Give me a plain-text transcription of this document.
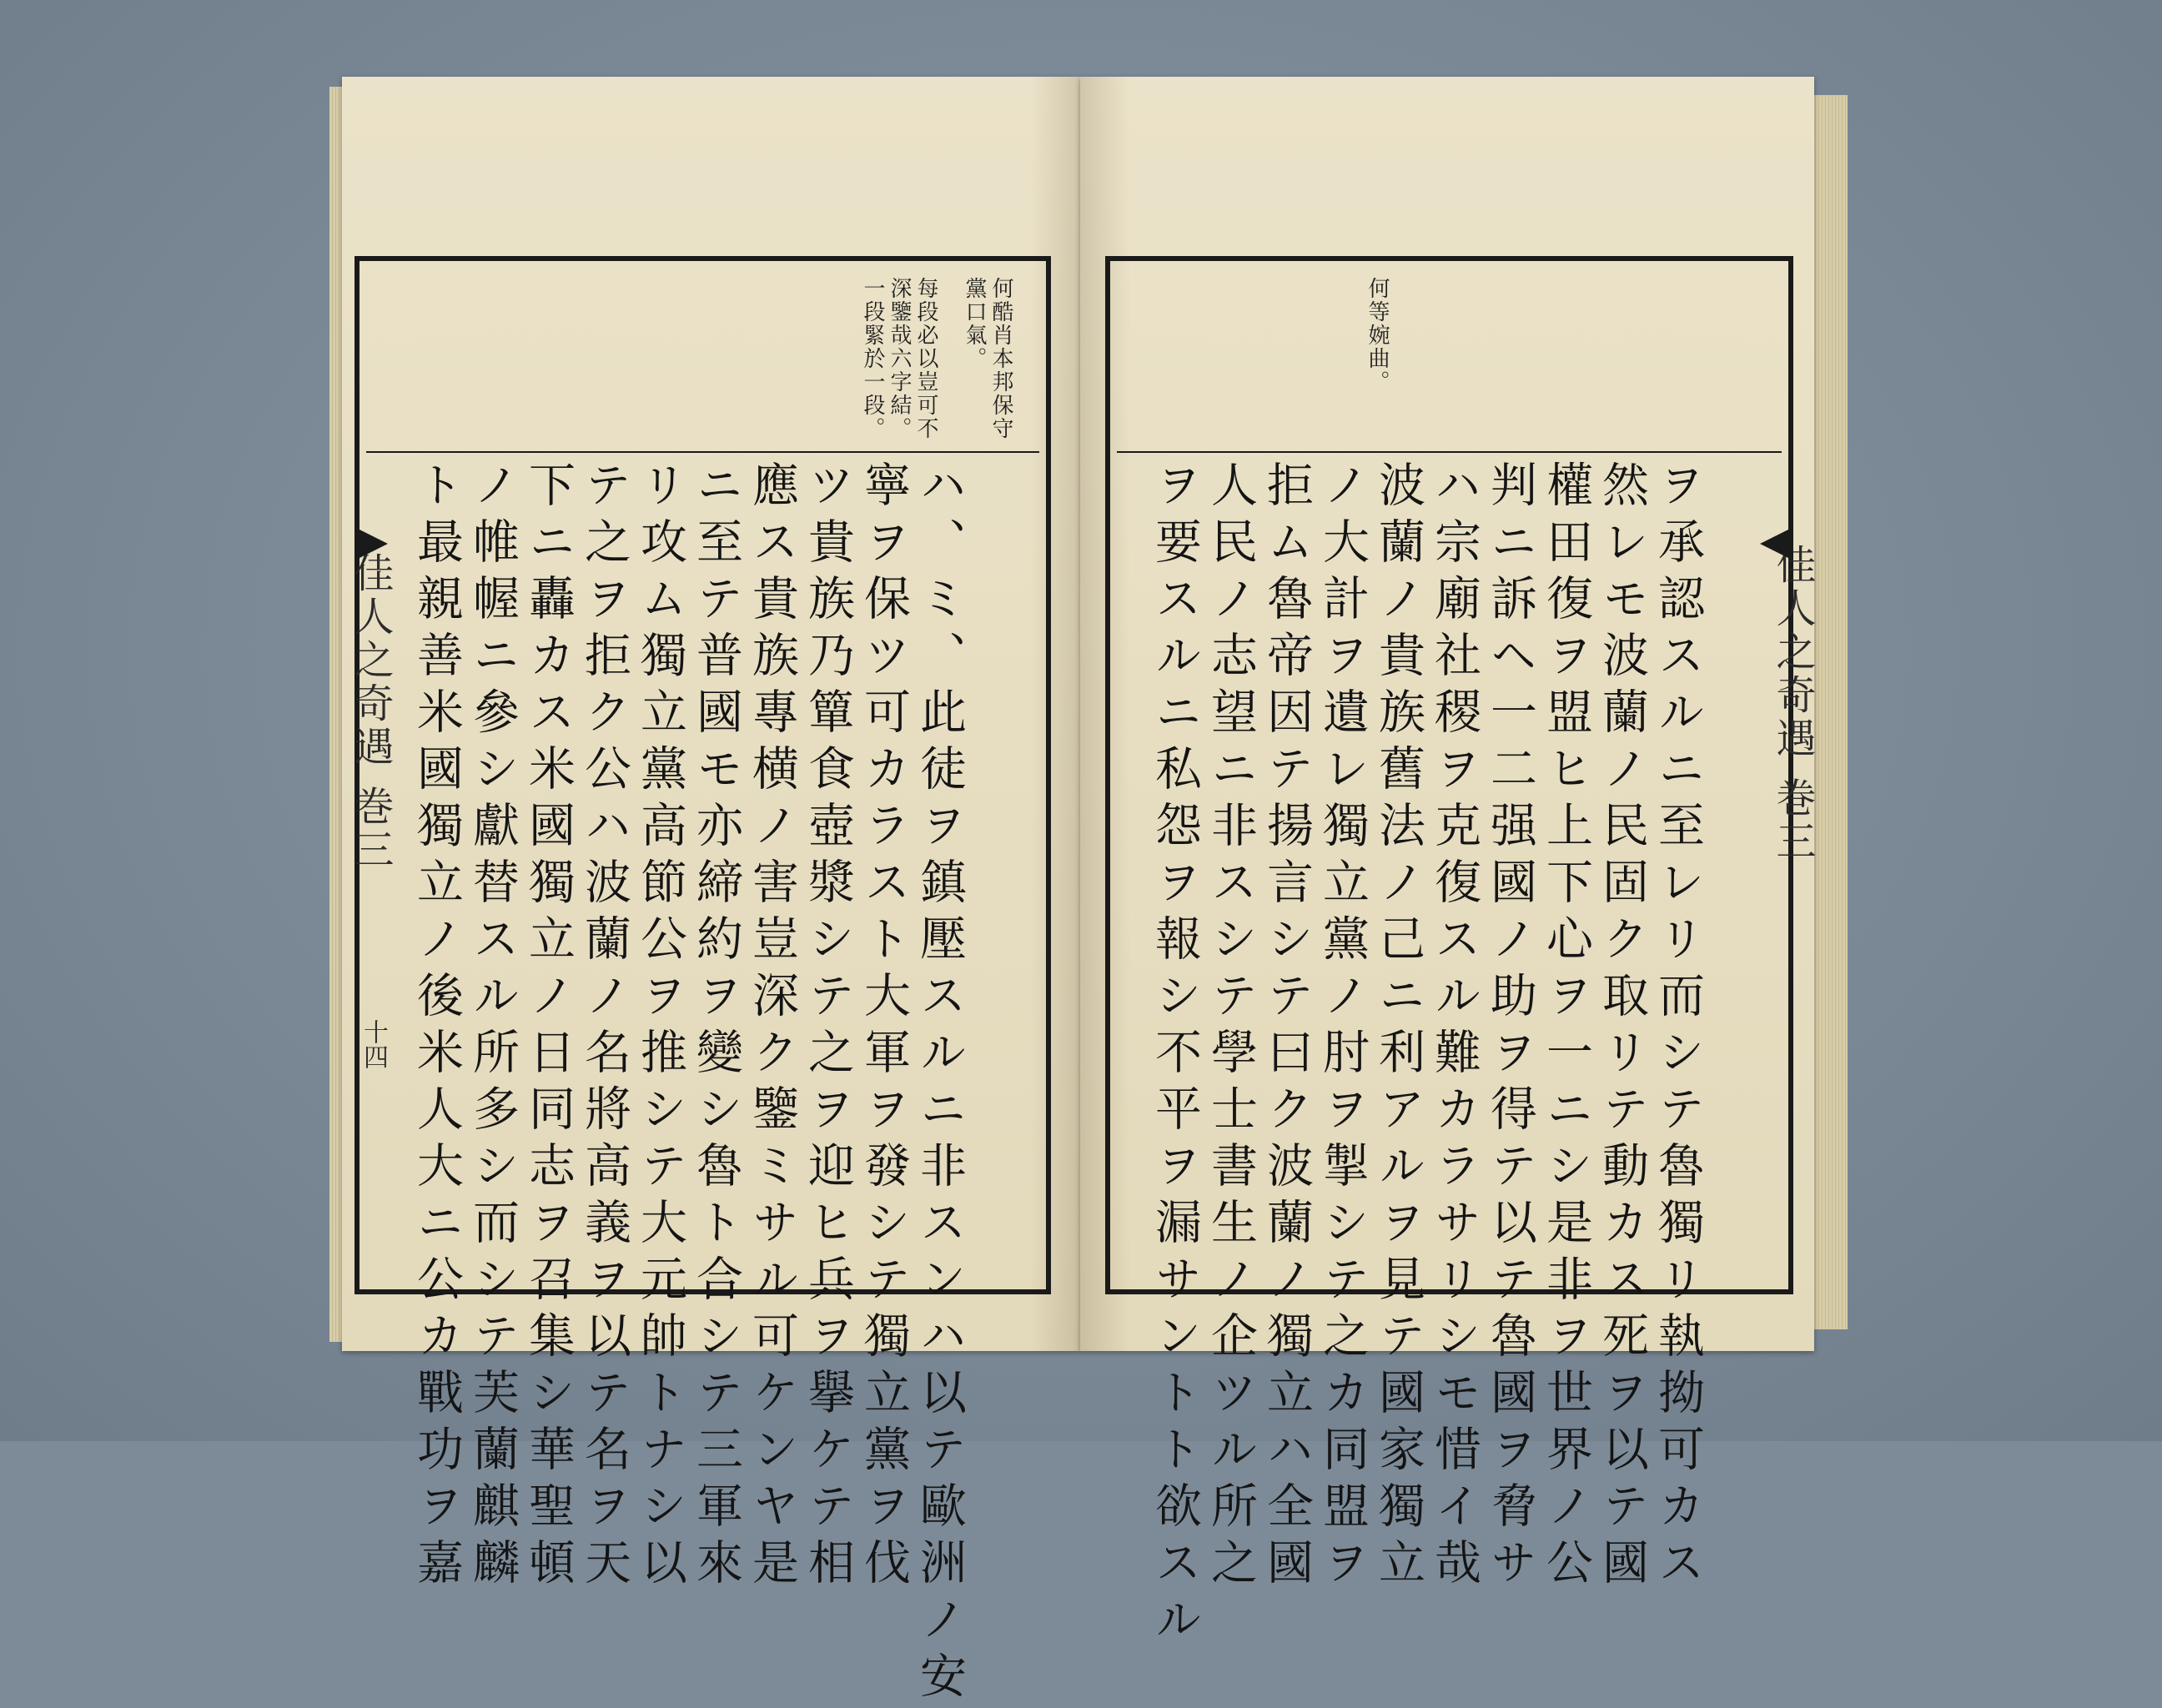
何酷肖本邦保守黨口氣。
每段必以豈可不深鑒哉六字結。一段緊於一段。
ハ、ミ、此徒ヲ鎮壓スルニ非スンハ以テ歐洲ノ安
寧ヲ保ツ可カラスト大軍ヲ發シテ獨立黨ヲ伐
ツ貴族乃簞食壺漿シテ之ヲ迎ヒ兵ヲ擧ケテ相
應ス貴族專横ノ害豈深ク鑒ミサル可ケンヤ是
ニ至テ普國モ亦締約ヲ變シ魯ト合シテ三軍來
リ攻ム獨立黨高節公ヲ推シテ大元帥トナシ以
テ之ヲ拒ク公ハ波蘭ノ名將高義ヲ以テ名ヲ天
下ニ轟カス米國獨立ノ日同志ヲ召集シ華聖頓
ノ帷幄ニ參シ獻替スル所多シ而シテ芙蘭麒麟
ト最親善米國獨立ノ後米人大ニ公カ戰功ヲ嘉
佳人之奇遇 巻三
十四
何等婉曲。
ヲ承認スルニ至レリ而シテ魯獨リ執拗可カス
然レモ波蘭ノ民固ク取リテ動カス死ヲ以テ國
權田復ヲ盟ヒ上下心ヲ一ニシ是非ヲ世界ノ公
判ニ訴ヘ一二强國ノ助ヲ得テ以テ魯國ヲ脅サ
ハ宗廟社稷ヲ克復スル難カラサリシモ惜イ哉
波蘭ノ貴族舊法ノ己ニ利アルヲ見テ國家獨立
ノ大計ヲ遺レ獨立黨ノ肘ヲ掣シテ之カ同盟ヲ
拒ム魯帝因テ揚言シテ曰ク波蘭ノ獨立ハ全國
人民ノ志望ニ非スシテ學士書生ノ企ツル所之
ヲ要スルニ私怨ヲ報シ不平ヲ漏サントト欲スル	佳人之奇遇 巻三
